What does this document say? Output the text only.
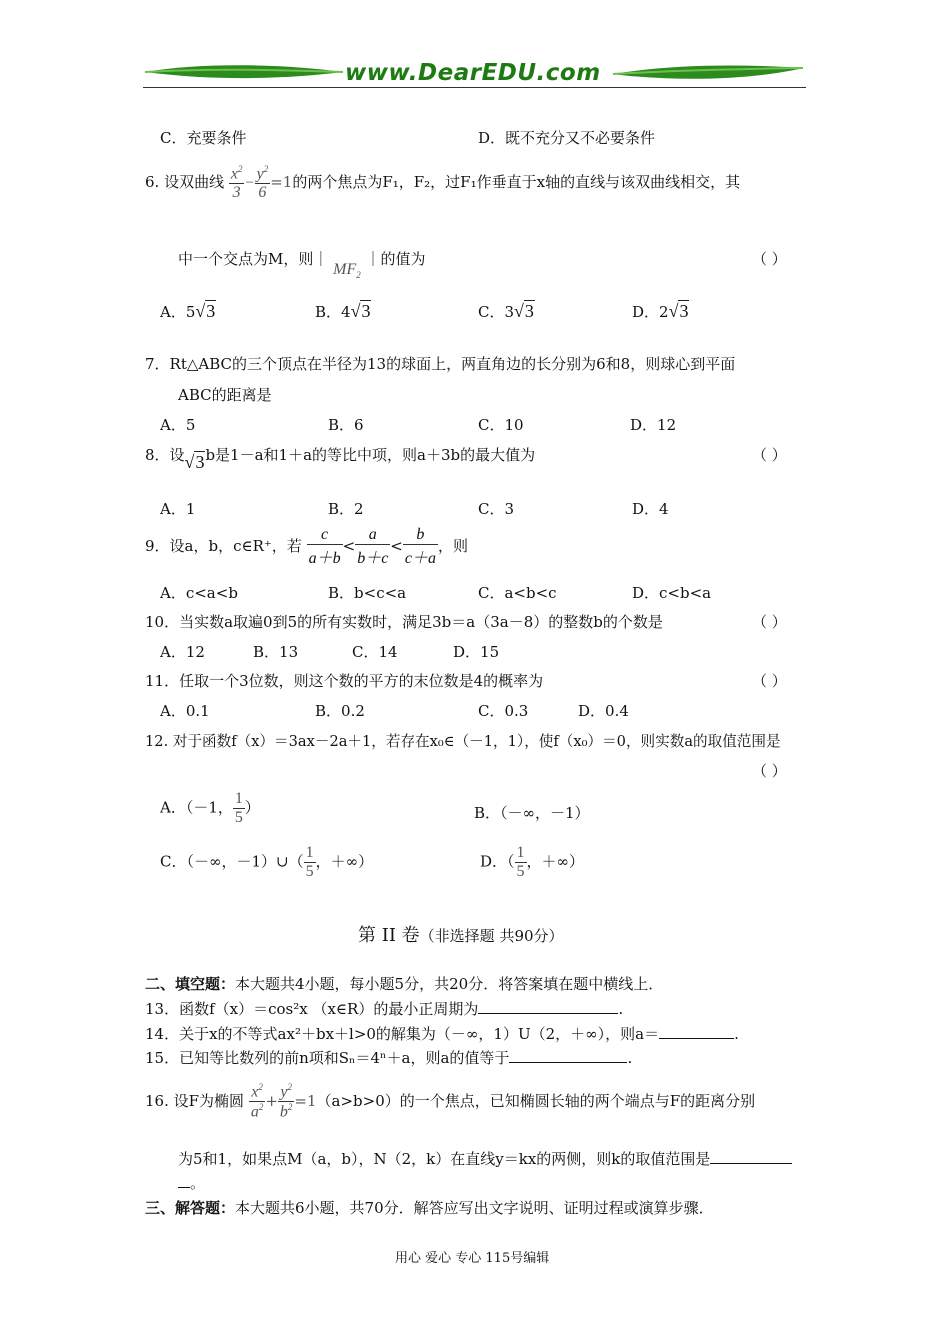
www.DearEDU.com
C．充要条件	D．既不充分又不必要条件
6. 设双曲线 $\frac{x^2}{3} - \frac{y^2}{6} =1$的两个焦点为F₁，F₂，过F₁作垂直于x轴的直线与该双曲线相交，其
中一个交点为M，则｜ $MF_2$ ｜的值为	（ ）
A．5√3	B．4√3	C．3√3	D．2√3
7．Rt△ABC的三个顶点在半径为13的球面上，两直角边的长分别为6和8，则球心到平面
ABC的距离是
A．5	B．6	C．10	D．12
8．设√3b是1－a和1＋a的等比中项，则a＋3b的最大值为	（ ）
A．1	B．2	C．3	D．4
9．设a，b，c∈R⁺，若 $\frac{c}{a+b} < \frac{a}{b+c} < \frac{b}{c+a}$ ，则
A．c<a<b	B．b<c<a	C．a<b<c	D．c<b<a
10．当实数a取遍0到5的所有实数时，满足3b＝a（3a－8）的整数b的个数是	（ ）
A．12	B．13	C．14	D．15
11．任取一个3位数，则这个数的平方的末位数是4的概率为	（ ）
A．0.1	B．0.2	C．0.3	D．0.4
12. 对于函数f（x）＝3ax－2a＋1，若存在x₀∈（－1，1），使f（x₀）＝0，则实数a的取值范围是
（ ）
A．（－1， $\frac{1}{5}$ ）	B．（－∞，－1）
C．（－∞，－1）∪（ $\frac{1}{5}$ ，＋∞）	D．（ $\frac{1}{5}$ ，＋∞）
第 II 卷（非选择题 共90分）
二、填空题：本大题共4小题，每小题5分，共20分．将答案填在题中横线上．
13．函数f（x）＝cos²x （x∈R）的最小正周期为	.
14．关于x的不等式ax²＋bx＋l>0的解集为（－∞，1）U（2，＋∞），则a＝	.
15．已知等比数列的前n项和Sₙ＝4ⁿ＋a，则a的值等于	.
16. 设F为椭圆 $\frac{x^2}{a^2} + \frac{y^2}{b^2} =1(a>b>0)$的一个焦点，已知椭圆长轴的两个端点与F的距离分别
为5和1，如果点M（a，b），N（2，k）在直线y＝kx的两侧，则k的取值范围是
。
三、解答题：本大题共6小题，共70分．解答应写出文字说明、证明过程或演算步骤．
用心 爱心 专心 115号编辑
